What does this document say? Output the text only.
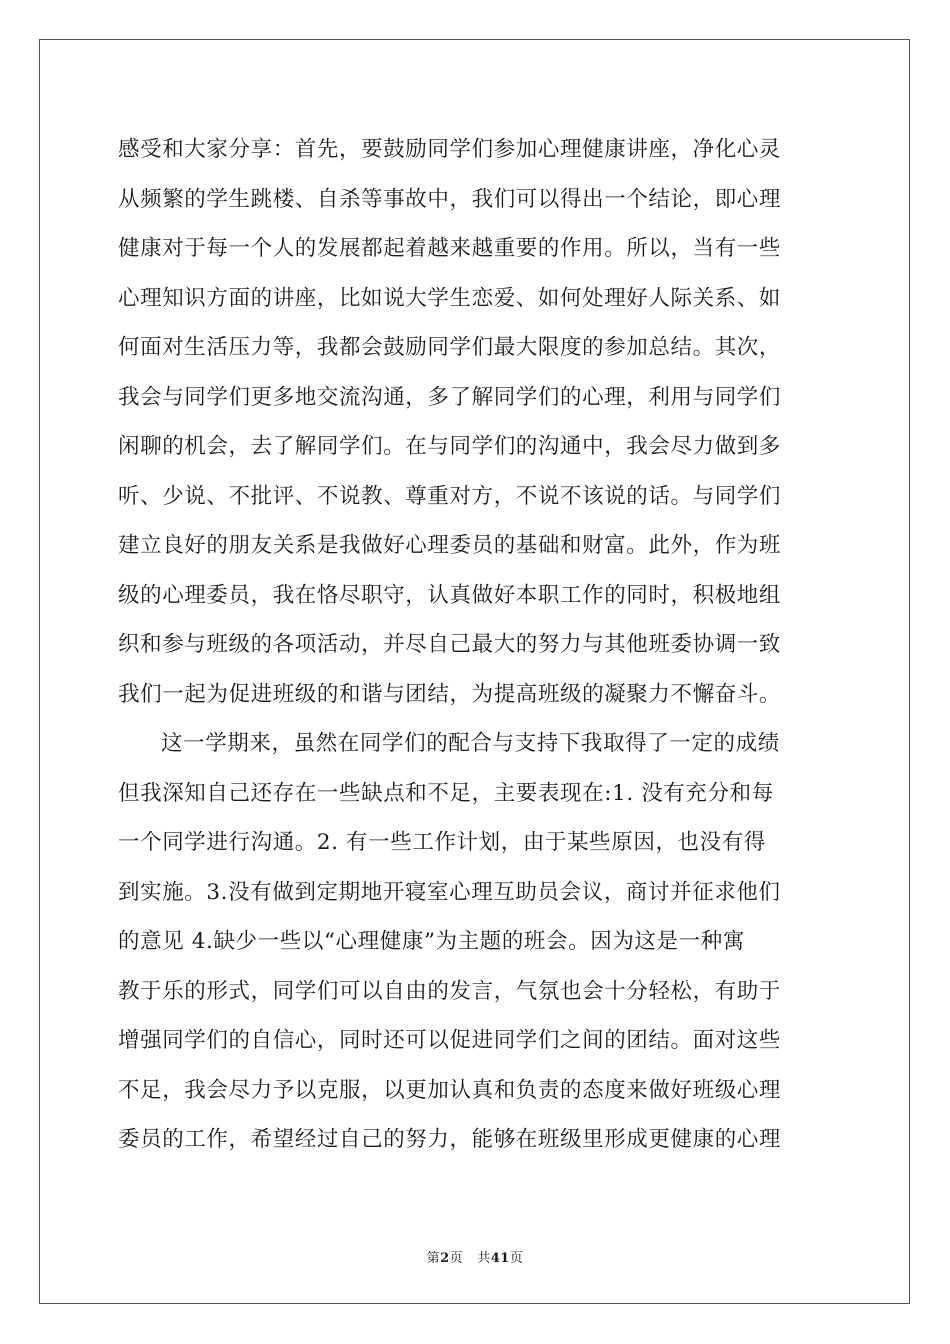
感受和大家分享：首先，要鼓励同学们参加心理健康讲座，净化心灵
从频繁的学生跳楼、自杀等事故中，我们可以得出一个结论，即心理
健康对于每一个人的发展都起着越来越重要的作用。所以，当有一些
心理知识方面的讲座，比如说大学生恋爱、如何处理好人际关系、如
何面对生活压力等，我都会鼓励同学们最大限度的参加总结。其次，
我会与同学们更多地交流沟通，多了解同学们的心理，利用与同学们
闲聊的机会，去了解同学们。在与同学们的沟通中，我会尽力做到多
听、少说、不批评、不说教、尊重对方，不说不该说的话。与同学们
建立良好的朋友关系是我做好心理委员的基础和财富。此外，作为班
级的心理委员，我在恪尽职守，认真做好本职工作的同时，积极地组
织和参与班级的各项活动，并尽自己最大的努力与其他班委协调一致
我们一起为促进班级的和谐与团结，为提高班级的凝聚力不懈奋斗。
这一学期来，虽然在同学们的配合与支持下我取得了一定的成绩
但我深知自己还存在一些缺点和不足，主要表现在:1. 没有充分和每
一个同学进行沟通。2. 有一些工作计划，由于某些原因，也没有得
到实施。3.没有做到定期地开寝室心理互助员会议，商讨并征求他们
的意见 4.缺少一些以“心理健康”为主题的班会。因为这是一种寓
教于乐的形式，同学们可以自由的发言，气氛也会十分轻松，有助于
增强同学们的自信心，同时还可以促进同学们之间的团结。面对这些
不足，我会尽力予以克服，以更加认真和负责的态度来做好班级心理
委员的工作，希望经过自己的努力，能够在班级里形成更健康的心理
第2页 共41页
